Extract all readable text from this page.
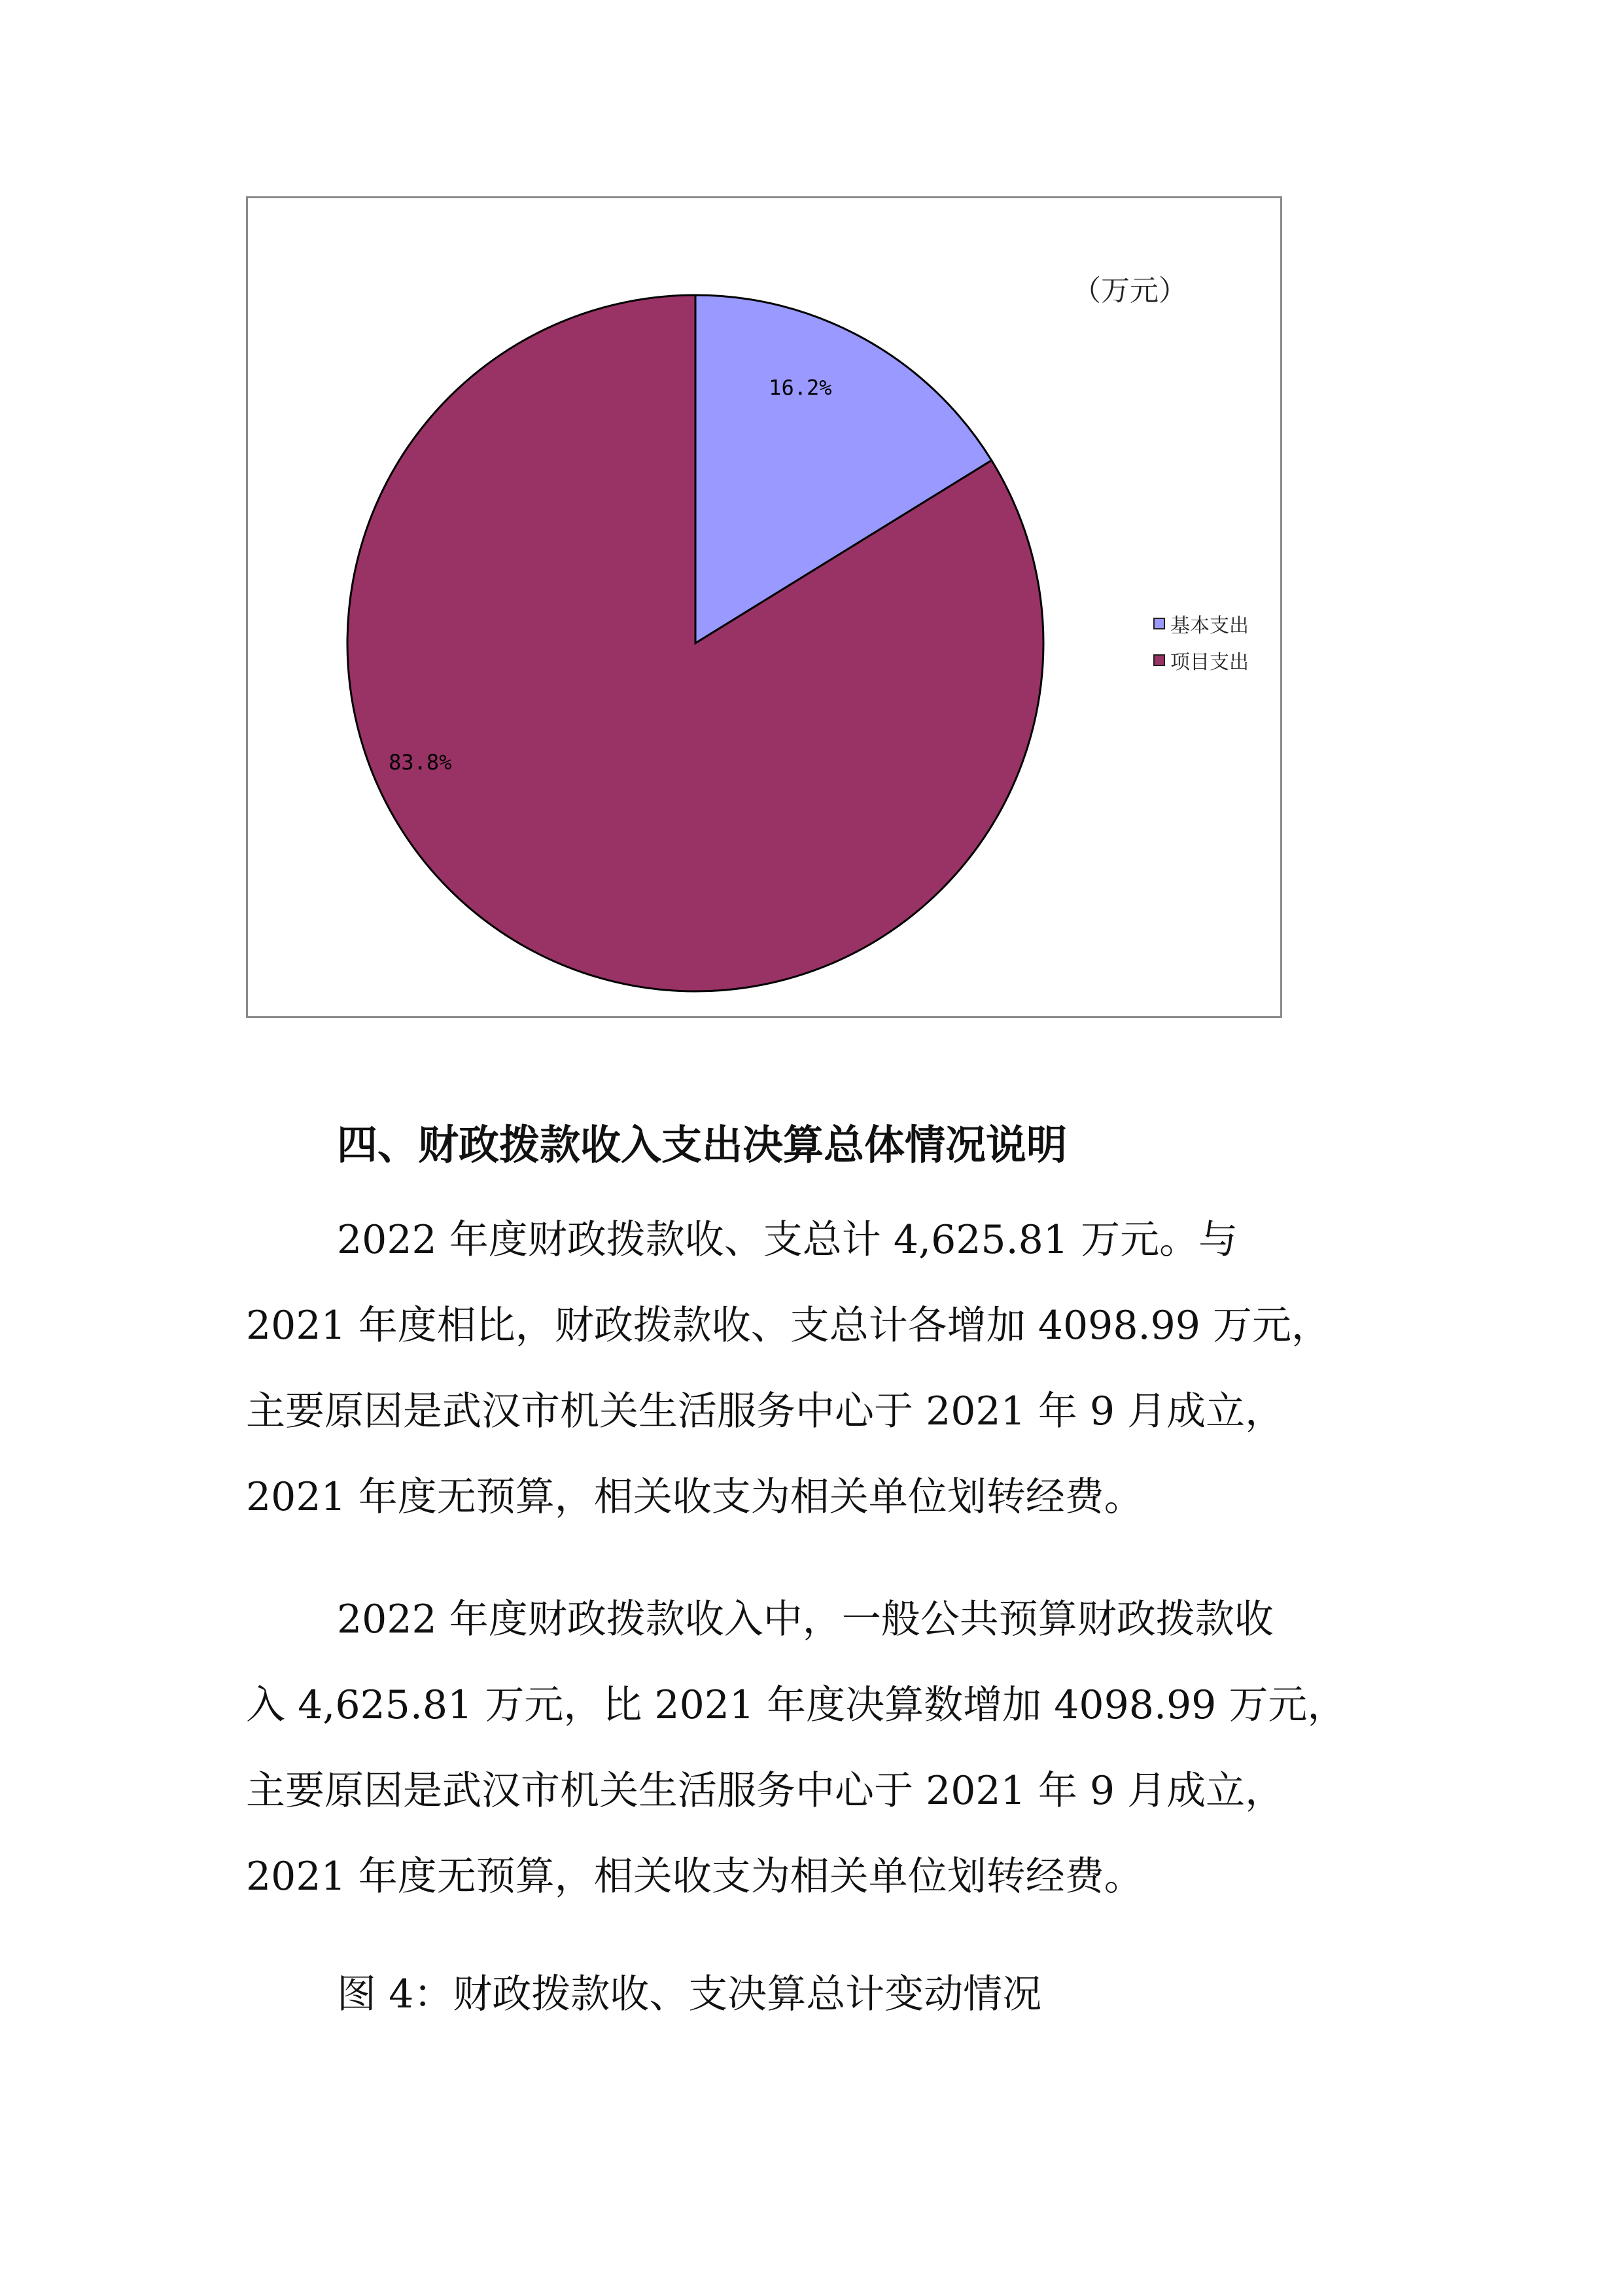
16.2%
83.8%
（万元）
基本支出
项目支出
四、财政拨款收入支出决算总体情况说明
2022 年度财政拨款收、支总计 4,625.81 万元。与
2021 年度相比，财政拨款收、支总计各增加 4098.99 万元，
主要原因是武汉市机关生活服务中心于 2021 年 9 月成立，
2021 年度无预算，相关收支为相关单位划转经费。
2022 年度财政拨款收入中，一般公共预算财政拨款收
入 4,625.81 万元，比 2021 年度决算数增加 4098.99 万元，
主要原因是武汉市机关生活服务中心于 2021 年 9 月成立，
2021 年度无预算，相关收支为相关单位划转经费。
图 4：财政拨款收、支决算总计变动情况
